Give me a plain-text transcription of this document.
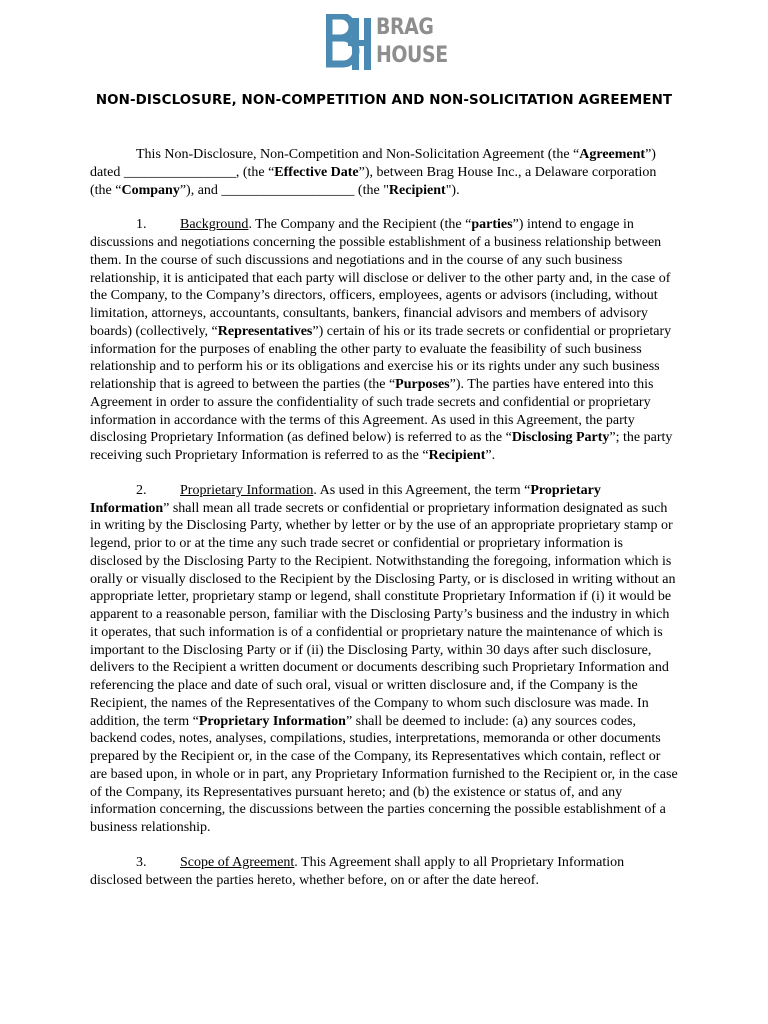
BRAG
HOUSE
NON-DISCLOSURE, NON-COMPETITION AND NON-SOLICITATION AGREEMENT

This Non-Disclosure, Non-Competition and Non-Solicitation Agreement (the “Agreement”) dated ________________, (the “Effective Date”), between Brag House Inc., a Delaware corporation (the “Company”), and ___________________ (the "Recipient").

1. Background. The Company and the Recipient (the “parties”) intend to engage in discussions and negotiations concerning the possible establishment of a business relationship between them. In the course of such discussions and negotiations and in the course of any such business relationship, it is anticipated that each party will disclose or deliver to the other party and, in the case of the Company, to the Company’s directors, officers, employees, agents or advisors (including, without limitation, attorneys, accountants, consultants, bankers, financial advisors and members of advisory boards) (collectively, “Representatives”) certain of his or its trade secrets or confidential or proprietary information for the purposes of enabling the other party to evaluate the feasibility of such business relationship and to perform his or its obligations and exercise his or its rights under any such business relationship that is agreed to between the parties (the “Purposes”). The parties have entered into this Agreement in order to assure the confidentiality of such trade secrets and confidential or proprietary information in accordance with the terms of this Agreement. As used in this Agreement, the party disclosing Proprietary Information (as defined below) is referred to as the “Disclosing Party”; the party receiving such Proprietary Information is referred to as the “Recipient”.

2. Proprietary Information. As used in this Agreement, the term “Proprietary Information” shall mean all trade secrets or confidential or proprietary information designated as such in writing by the Disclosing Party, whether by letter or by the use of an appropriate proprietary stamp or legend, prior to or at the time any such trade secret or confidential or proprietary information is disclosed by the Disclosing Party to the Recipient. Notwithstanding the foregoing, information which is orally or visually disclosed to the Recipient by the Disclosing Party, or is disclosed in writing without an appropriate letter, proprietary stamp or legend, shall constitute Proprietary Information if (i) it would be apparent to a reasonable person, familiar with the Disclosing Party’s business and the industry in which it operates, that such information is of a confidential or proprietary nature the maintenance of which is important to the Disclosing Party or if (ii) the Disclosing Party, within 30 days after such disclosure, delivers to the Recipient a written document or documents describing such Proprietary Information and referencing the place and date of such oral, visual or written disclosure and, if the Company is the Recipient, the names of the Representatives of the Company to whom such disclosure was made. In addition, the term “Proprietary Information” shall be deemed to include: (a) any sources codes, backend codes, notes, analyses, compilations, studies, interpretations, memoranda or other documents prepared by the Recipient or, in the case of the Company, its Representatives which contain, reflect or are based upon, in whole or in part, any Proprietary Information furnished to the Recipient or, in the case of the Company, its Representatives pursuant hereto; and (b) the existence or status of, and any information concerning, the discussions between the parties concerning the possible establishment of a business relationship.

3. Scope of Agreement. This Agreement shall apply to all Proprietary Information disclosed between the parties hereto, whether before, on or after the date hereof.
